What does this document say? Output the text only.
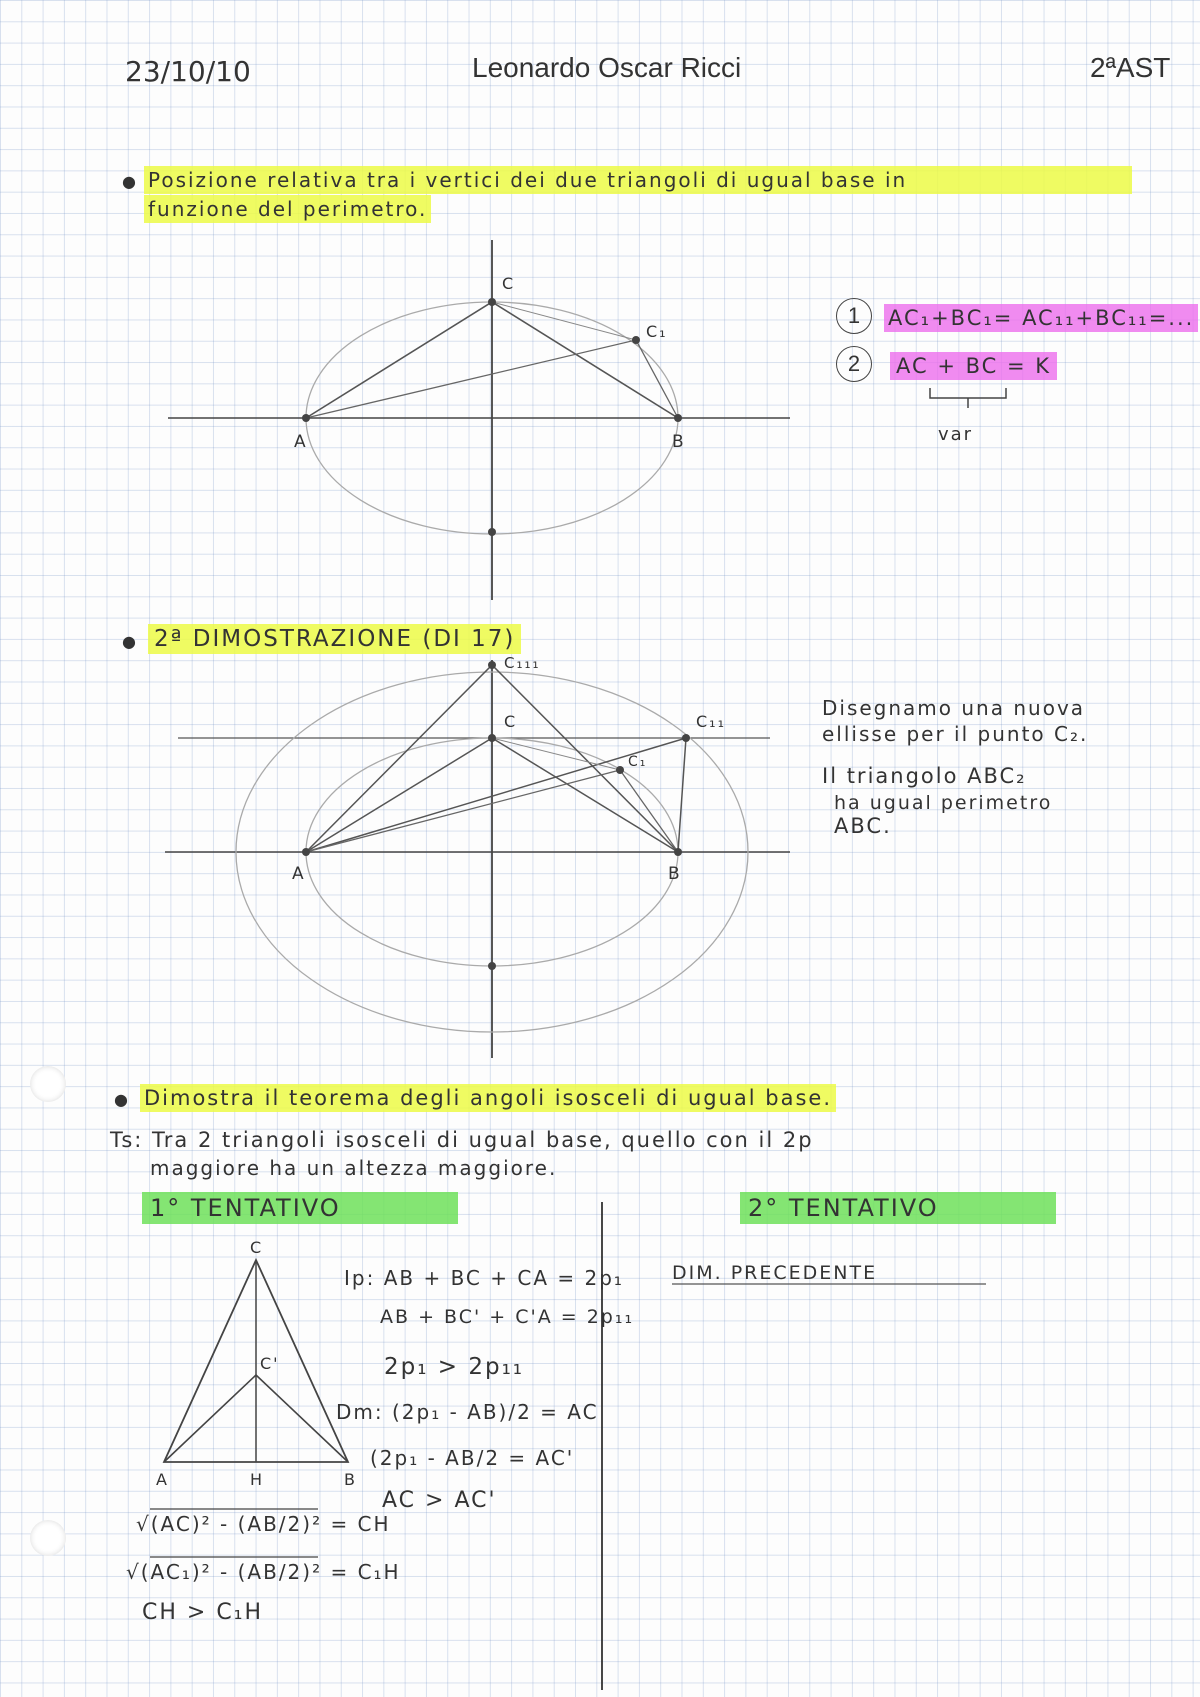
23/10/10	Leonardo Oscar Ricci	2ªAST
● Posizione relativa tra i vertici dei due triangoli di ugual base in
funzione del perimetro.
C
C₁
A	B
1	AC₁+BC₁= AC₁₁+BC₁₁=...
2	AC + BC = K
var
● 2ª DIMOSTRAZIONE (DI 17)
C₁₁₁
C	C₁₁
C₁
A	B
Disegnamo una nuova
ellisse per il punto C₂.
Il triangolo ABC₂
ha ugual perimetro
ABC.
● Dimostra il teorema degli angoli isosceli di ugual base.
Ts: Tra 2 triangoli isosceli di ugual base, quello con il 2p
maggiore ha un altezza maggiore.
1° TENTATIVO	2° TENTATIVO
DIM. PRECEDENTE
C
C'
A	H	B
√(AC)² - (AB/2)² = CH
√(AC₁)² - (AB/2)² = C₁H
CH > C₁H
Ip: AB + BC + CA = 2p₁
AB + BC' + C'A = 2p₁₁
2p₁ > 2p₁₁
Dm: (2p₁ - AB)/2 = AC
(2p₁ - AB/2 = AC'
AC > AC'
